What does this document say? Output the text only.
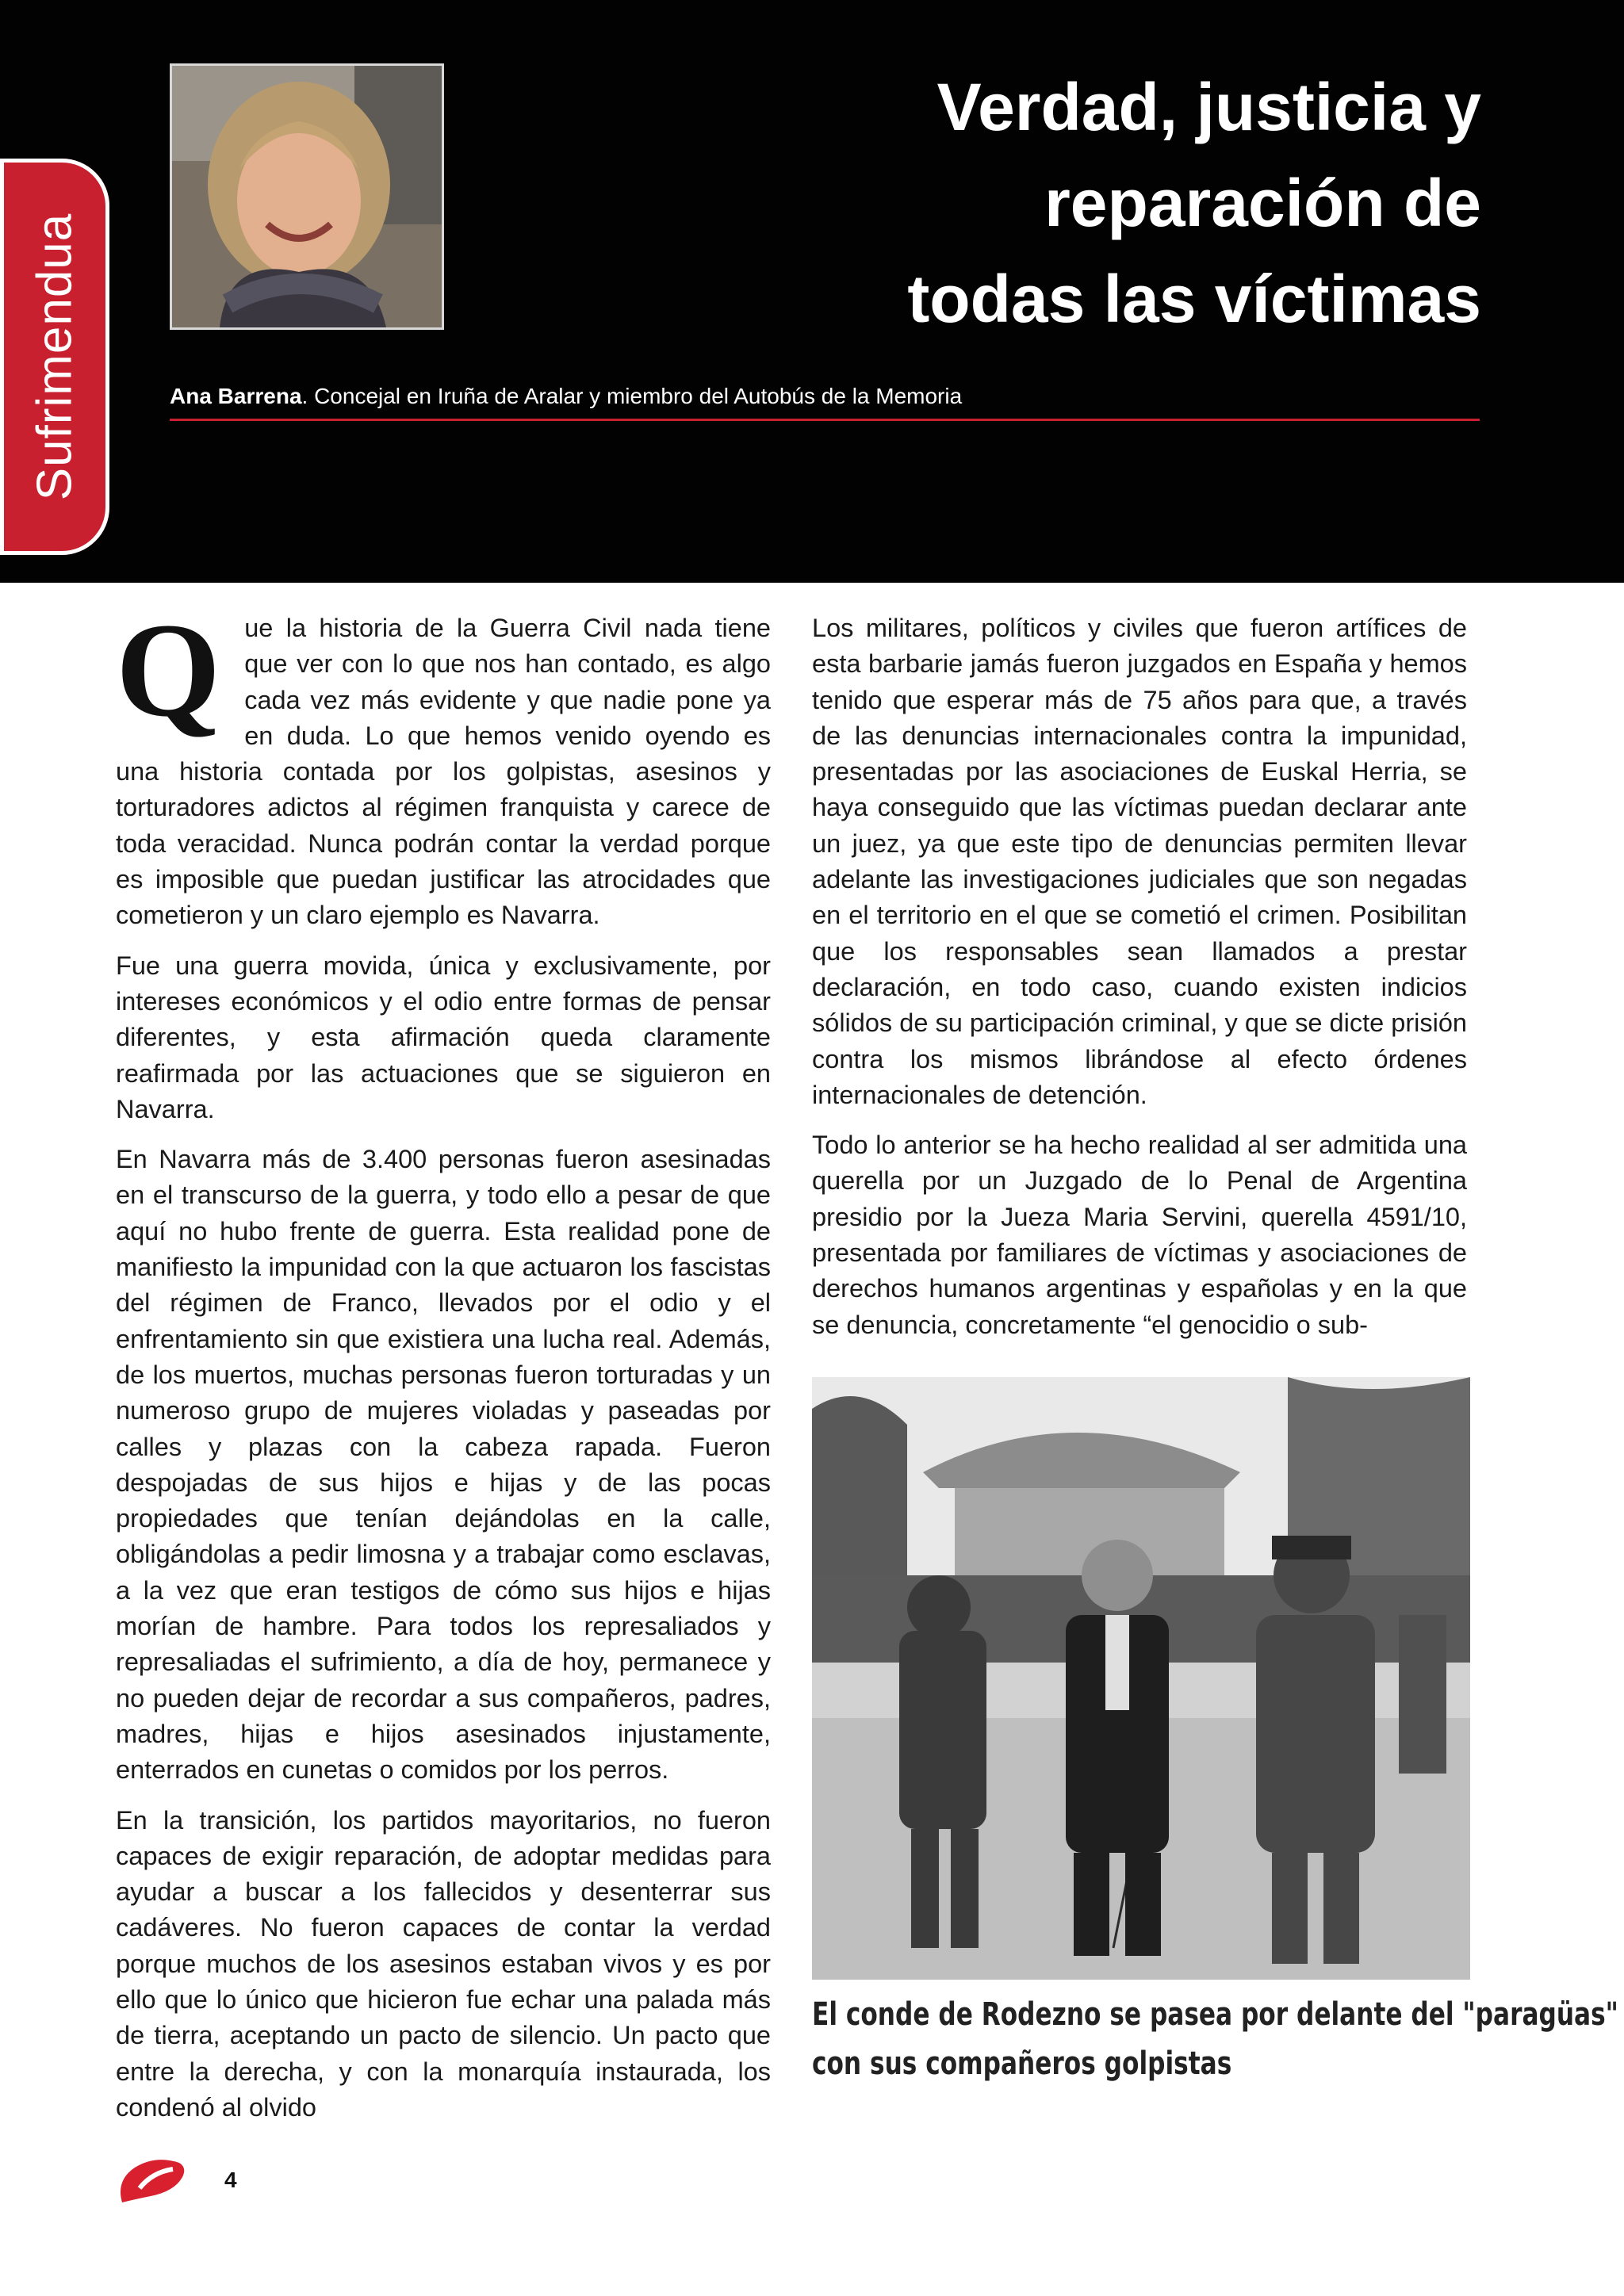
Sufrimendua
Verdad, justicia y
reparación de
todas las víctimas
Ana Barrena. Concejal en Iruña de Aralar y miembro del Autobús de la Memoria

Que la historia de la Guerra Civil nada tiene que ver con lo que nos han contado, es algo cada vez más evidente y que nadie pone ya en duda. Lo que hemos venido oyendo es una historia contada por los golpistas, asesinos y torturadores adictos al régimen franquista y carece de toda veracidad. Nunca podrán contar la verdad porque es imposible que puedan justificar las atrocidades que cometieron y un claro ejemplo es Navarra.

Fue una guerra movida, única y exclusivamente, por intereses económicos y el odio entre formas de pensar diferentes, y esta afirmación queda claramente reafirmada por las actuaciones que se siguieron en Navarra.

En Navarra más de 3.400 personas fueron asesinadas en el transcurso de la guerra, y todo ello a pesar de que aquí no hubo frente de guerra. Esta realidad pone de manifiesto la impunidad con la que actuaron los fascistas del régimen de Franco, llevados por el odio y el enfrentamiento sin que existiera una lucha real. Además, de los muertos, muchas personas fueron torturadas y un numeroso grupo de mujeres violadas y paseadas por calles y plazas con la cabeza rapada. Fueron despojadas de sus hijos e hijas y de las pocas propiedades que tenían dejándolas en la calle, obligándolas a pedir limosna y a trabajar como esclavas, a la vez que eran testigos de cómo sus hijos e hijas morían de hambre. Para todos los represaliados y represaliadas el sufrimiento, a día de hoy, permanece y no pueden dejar de recordar a sus compañeros, padres, madres, hijas e hijos asesinados injustamente, enterrados en cunetas o comidos por los perros.

En la transición, los partidos mayoritarios, no fueron capaces de exigir reparación, de adoptar medidas para ayudar a buscar a los fallecidos y desenterrar sus cadáveres. No fueron capaces de contar la verdad porque muchos de los asesinos estaban vivos y es por ello que lo único que hicieron fue echar una palada más de tierra, aceptando un pacto de silencio. Un pacto que entre la derecha, y con la monarquía instaurada, los condenó al olvido

Los militares, políticos y civiles que fueron artífices de esta barbarie jamás fueron juzgados en España y hemos tenido que esperar más de 75 años para que, a través de las denuncias internacionales contra la impunidad, presentadas por las asociaciones de Euskal Herria, se haya conseguido que las víctimas puedan declarar ante un juez, ya que este tipo de denuncias permiten llevar adelante las investigaciones judiciales que son negadas en el territorio en el que se cometió el crimen. Posibilitan que los responsables sean llamados a prestar declaración, en todo caso, cuando existen indicios sólidos de su participación criminal, y que se dicte prisión contra los mismos librándose al efecto órdenes internacionales de detención.

Todo lo anterior se ha hecho realidad al ser admitida una querella por un Juzgado de lo Penal de Argentina presidio por la Jueza Maria Servini, querella 4591/10, presentada por familiares de víctimas y asociaciones de derechos humanos argentinas y españolas y en la que se denuncia, concretamente “el genocidio o sub-

El conde de Rodezno se pasea por delante del "paragüas"
con sus compañeros golpistas
4
